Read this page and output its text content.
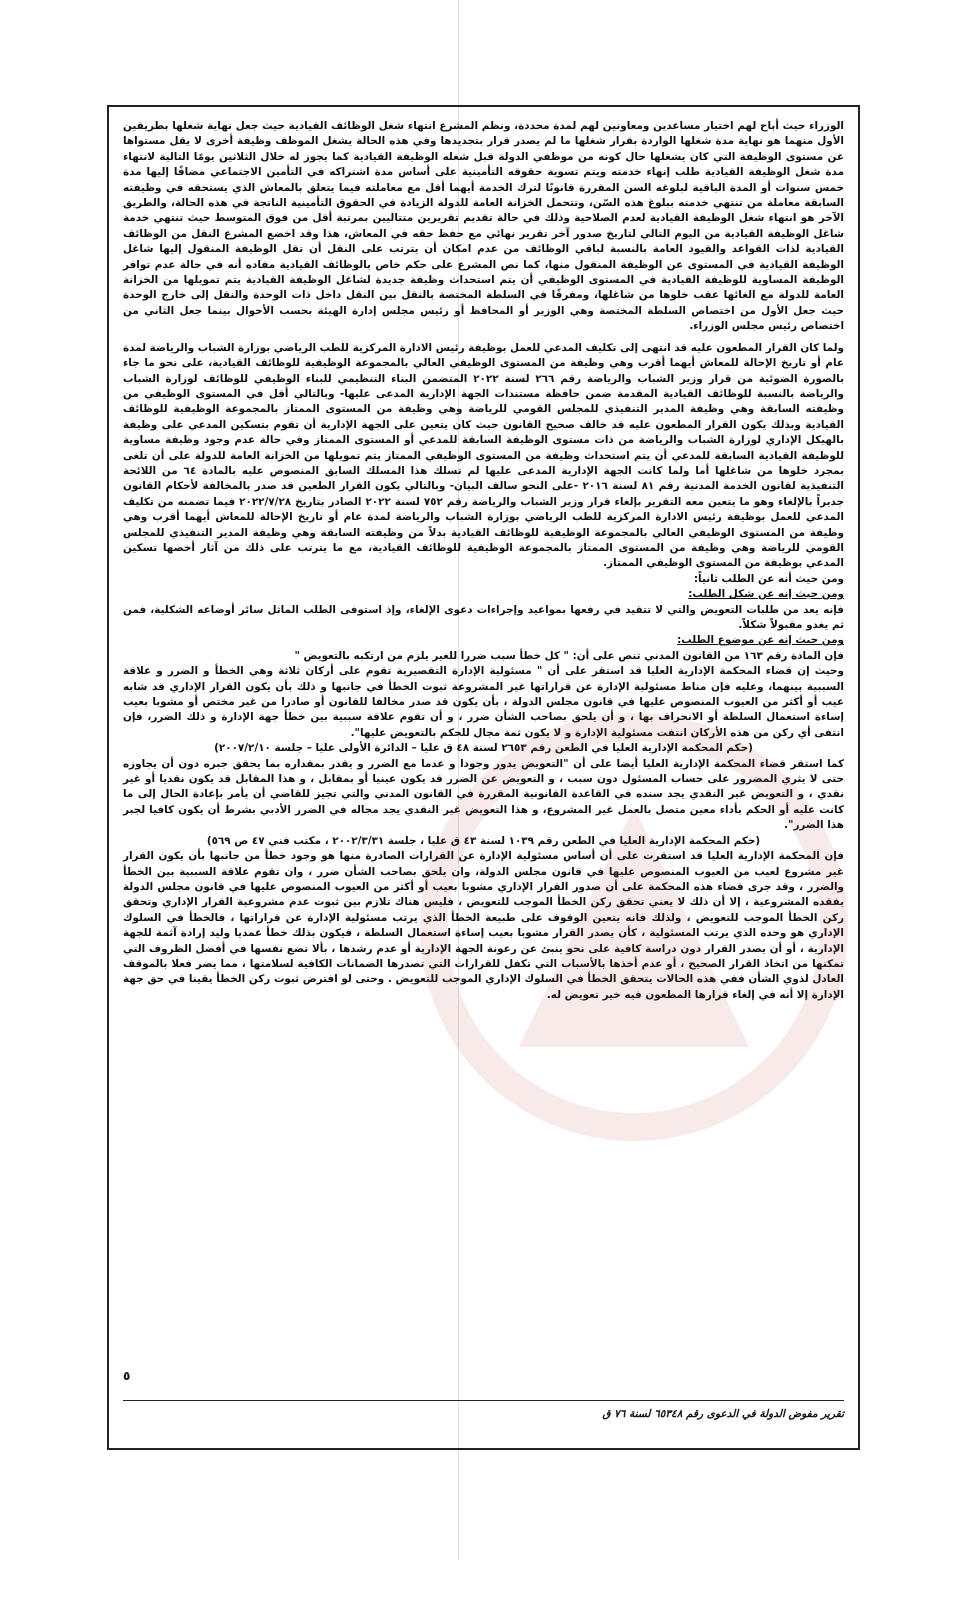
الوزراء حيث أباح لهم اختيار مساعدين ومعاونين لهم لمدة محددة، ونظم المشرع انتهاء شغل الوظائف القيادية حيث جعل نهاية شغلها بطريقين الأول منهما هو نهاية مدة شغلها الواردة بقرار شغلها ما لم يصدر قرار بتجديدها وفي هذه الحالة يشغل الموظف وظيفة أخرى لا يقل مستواها عن مستوى الوظيفة التي كان يشغلها حال كونه من موظفي الدولة قبل شغله الوظيفة القيادية كما يجوز له خلال الثلاثين يومًا التالية لانتهاء مدة شغل الوظيفة القيادية طلب إنهاء خدمته ويتم تسوية حقوقه التأمينية على أساس مدة اشتراكه في التأمين الاجتماعي مضافًا إليها مدة خمس سنوات أو المدة الباقية لبلوغه السن المقررة قانونًا لترك الخدمة أيهما أقل مع معاملته فيما يتعلق بالمعاش الذي يستحقه في وظيفته السابقة معاملة من تنتهي خدمته ببلوغ هذه السّن، وتتحمل الخزانة العامة للدولة الزيادة في الحقوق التأمينية الناتجة في هذه الحالة، والطريق الآخر هو انتهاء شغل الوظيفة القيادية لعدم الصلاحية وذلك في حالة تقديم تقريرين متتاليين بمرتبة أقل من فوق المتوسط حيث تنتهي خدمة شاغل الوظيفة القيادية من اليوم التالي لتاريخ صدور آخر تقرير نهائي مع حفظ حقه في المعاش، هذا وقد اخضع المشرع النقل من الوظائف القيادية لذات القواعد والقيود العامة بالنسبة لباقي الوظائف من عدم امكان أن يترتب على النقل أن تقل الوظيفة المنقول إليها شاغل الوظيفة القيادية في المستوى عن الوظيفة المنقول منها، كما نص المشرع على حكم خاص بالوظائف القيادية مفاده أنه في حالة عدم توافر الوظيفة المساوية للوظيفة القيادية في المستوى الوظيفي أن يتم استحداث وظيفة جديدة لشاغل الوظيفة القيادية يتم تمويلها من الخزانة العامة للدولة مع الغائها عقب خلوها من شاغلها، ومفرقًا في السلطة المختصة بالنقل بين النقل داخل ذات الوحدة والنقل إلى خارج الوحدة حيث جعل الأول من اختصاص السلطة المختصة وهي الوزير أو المحافظ أو رئيس مجلس إدارة الهيئة بحسب الأحوال بينما جعل الثاني من اختصاص رئيس مجلس الوزراء.

ولما كان القرار المطعون عليه قد انتهى إلى تكليف المدعي للعمل بوظيفة رئيس الادارة المركزية للطب الرياضي بوزارة الشباب والرياضة لمدة عام أو تاريخ الإحالة للمعاش أيهما أقرب وهي وظيفة من المستوى الوظيفي العالي بالمجموعة الوظيفية للوظائف القيادية، على نحو ما جاء بالصورة الضوئية من قرار وزير الشباب والرياضة رقم ٢٦٦ لسنة ٢٠٢٢ المتضمن البناء التنظيمي للبناء الوظيفي للوظائف لوزارة الشباب والرياضة بالنسبة للوظائف القيادية المقدمة ضمن حافظة مستندات الجهة الإدارية المدعى عليها- وبالتالي أقل في المستوى الوظيفي من وظيفته السابقة وهي وظيفة المدير التنفيذي للمجلس القومي للرياضة وهي وظيفة من المستوى الممتاز بالمجموعة الوظيفية للوظائف القيادية وبذلك يكون القرار المطعون عليه قد خالف صحيح القانون حيث كان يتعين على الجهة الإدارية أن تقوم بتسكين المدعي على وظيفة بالهيكل الإداري لوزارة الشباب والرياضة من ذات مستوى الوظيفة السابقة للمدعي أو المستوى الممتاز وفي حالة عدم وجود وظيفة مساوية للوظيفة القيادية السابقة للمدعي أن يتم استحداث وظيفة من المستوى الوظيفي الممتاز يتم تمويلها من الخزانة العامة للدولة على أن تلغى بمجرد خلوها من شاغلها أما ولما كانت الجهة الإدارية المدعى عليها لم تسلك هذا المسلك السابق المنصوص عليه بالمادة ٦٤ من اللائحة التنفيذية لقانون الخدمة المدنية رقم ٨١ لسنة ٢٠١٦ -على النحو سالف البيان- وبالتالي يكون القرار الطعين قد صدر بالمخالفة لأحكام القانون جديراً بالإلغاء وهو ما يتعين معه التقرير بإلغاء قرار وزير الشباب والرياضة رقم ٧٥٢ لسنة ٢٠٢٢ الصادر بتاريخ ٢٠٢٢/٧/٢٨ فيما تضمنه من تكليف المدعي للعمل بوظيفة رئيس الادارة المركزية للطب الرياضي بوزارة الشباب والرياضة لمدة عام أو تاريخ الإحالة للمعاش أيهما أقرب وهي وظيفة من المستوى الوظيفي العالي بالمجموعة الوظيفية للوظائف القيادية بدلاً من وظيفته السابقة وهي وظيفة المدير التنفيذي للمجلس القومي للرياضة وهي وظيفة من المستوى الممتاز بالمجموعة الوظيفية للوظائف القيادية، مع ما يترتب على ذلك من آثار أخصها تسكين المدعي بوظيفة من المستوى الوظيفي الممتاز.

ومن حيث أنه عن الطلب ثانياً:

ومن حيث إنه عن شكل الطلب:

فإنه يعد من طلبات التعويض والتي لا تتقيد في رفعها بمواعيد وإجراءات دعوى الإلغاء، وإذ استوفى الطلب الماثل سائر أوضاعه الشكلية، فمن ثم يغدو مقبولاً شكلاً.

ومن حيث إنه عن موضوع الطلب:

فإن المادة رقم ١٦٣ من القانون المدني تنص على أن: " كل خطأ سبب ضررا للغير يلزم من ارتكبه بالتعويض "

وحيث إن قضاء المحكمة الإدارية العليا قد استقر على أن " مسئولية الإدارة التقصيرية تقوم على أركان ثلاثة وهي الخطأ و الضرر و علاقة السببية بينهما، وعليه فإن مناط مسئولية الإدارة عن قراراتها غير المشروعة ثبوت الخطأ في جانبها و ذلك بأن يكون القرار الإداري قد شابه عيب أو أكثر من العيوب المنصوص عليها في قانون مجلس الدولة ، بأن يكون قد صدر مخالفا للقانون أو صادرا من غير مختص أو مشوبا بعيب إساءة استعمال السلطة أو الانحراف بها ، و أن يلحق بصاحب الشأن ضرر ، و أن تقوم علاقة سببية بين خطأ جهة الإدارة و ذلك الضرر، فإن انتفى أي ركن من هذه الأركان انتفت مسئولية الإدارة و لا يكون ثمة مجال للحكم بالتعويض عليها".

(حكم المحكمة الإدارية العليا في الطعن رقم ٢٦٥٣ لسنة ٤٨ ق عليا – الدائرة الأولى عليا – جلسة ٢٠٠٧/٢/١٠)

كما استقر قضاء المحكمة الإدارية العليا أيضا على أن "التعويض يدور وجودا و عدما مع الضرر و يقدر بمقداره بما يحقق جبره دون أن يجاوزه حتى لا يثري المضرور على حساب المسئول دون سبب ، و التعويض عن الضرر قد يكون عينيا أو بمقابل ، و هذا المقابل قد يكون نقديا أو غير نقدي ، و التعويض غير النقدي يجد سنده في القاعدة القانونية المقررة في القانون المدني والتي تجيز للقاضي أن يأمر بإعادة الحال إلى ما كانت عليه أو الحكم بأداء معين متصل بالعمل غير المشروع، و هذا التعويض غير النقدي يجد مجاله في الضرر الأدبي بشرط أن يكون كافيا لجبر هذا الضرر".

(حكم المحكمة الإدارية العليا في الطعن رقم ١٠٣٩ لسنة ٤٣ ق عليا ، جلسة ٢٠٠٢/٣/٣١ ، مكتب فني ٤٧ ص ٥٦٩)

فإن المحكمة الإدارية العليا قد استقرت على أن أساس مسئولية الإدارة عن القرارات الصادرة منها هو وجود خطأ من جانبها بأن يكون القرار غير مشروع لعيب من العيوب المنصوص عليها في قانون مجلس الدولة، وان يلحق بصاحب الشأن ضرر ، وان تقوم علاقة السببية بين الخطأ والضرر ، وقد جرى قضاء هذه المحكمة على أن صدور القرار الإداري مشوبا بعيب أو أكثر من العيوب المنصوص عليها في قانون مجلس الدولة يفقده المشروعية ، إلا أن ذلك لا يعني تحقق ركن الخطأ الموجب للتعويض ، فليس هناك تلازم بين ثبوت عدم مشروعية القرار الإداري وتحقق ركن الخطأ الموجب للتعويض ، ولذلك فانه يتعين الوقوف على طبيعة الخطأ الذي يرتب مسئولية الإدارة عن قراراتها ، فالخطأ في السلوك الإداري هو وحده الذي يرتب المسئولية ، كأن يصدر القرار مشوبا بعيب إساءة استعمال السلطة ، فيكون بذلك خطأ عمديا وليد إرادة آثمة للجهة الإدارية ، أو أن يصدر القرار دون دراسة كافية على نحو ينبئ عن رعونة الجهة الإدارية أو عدم رشدها ، بألا تضع نفسها في أفضل الظروف التي تمكنها من اتخاذ القرار الصحيح ، أو عدم أخذها بالأسباب التي تكفل للقرارات التي تصدرها الضمانات الكافية لسلامتها ، مما يضر فعلا بالموقف العادل لذوي الشأن ففي هذه الحالات يتحقق الخطأ في السلوك الإداري الموجب للتعويض . وحتى لو افترض ثبوت ركن الخطأ يقينا في حق جهة الإدارة إلا أنه في إلغاء قرارها المطعون فيه خير تعويض له.

٥
تقرير مفوض الدولة في الدعوى رقم ٦٥٣٤٨ لسنة ٧٦ ق
